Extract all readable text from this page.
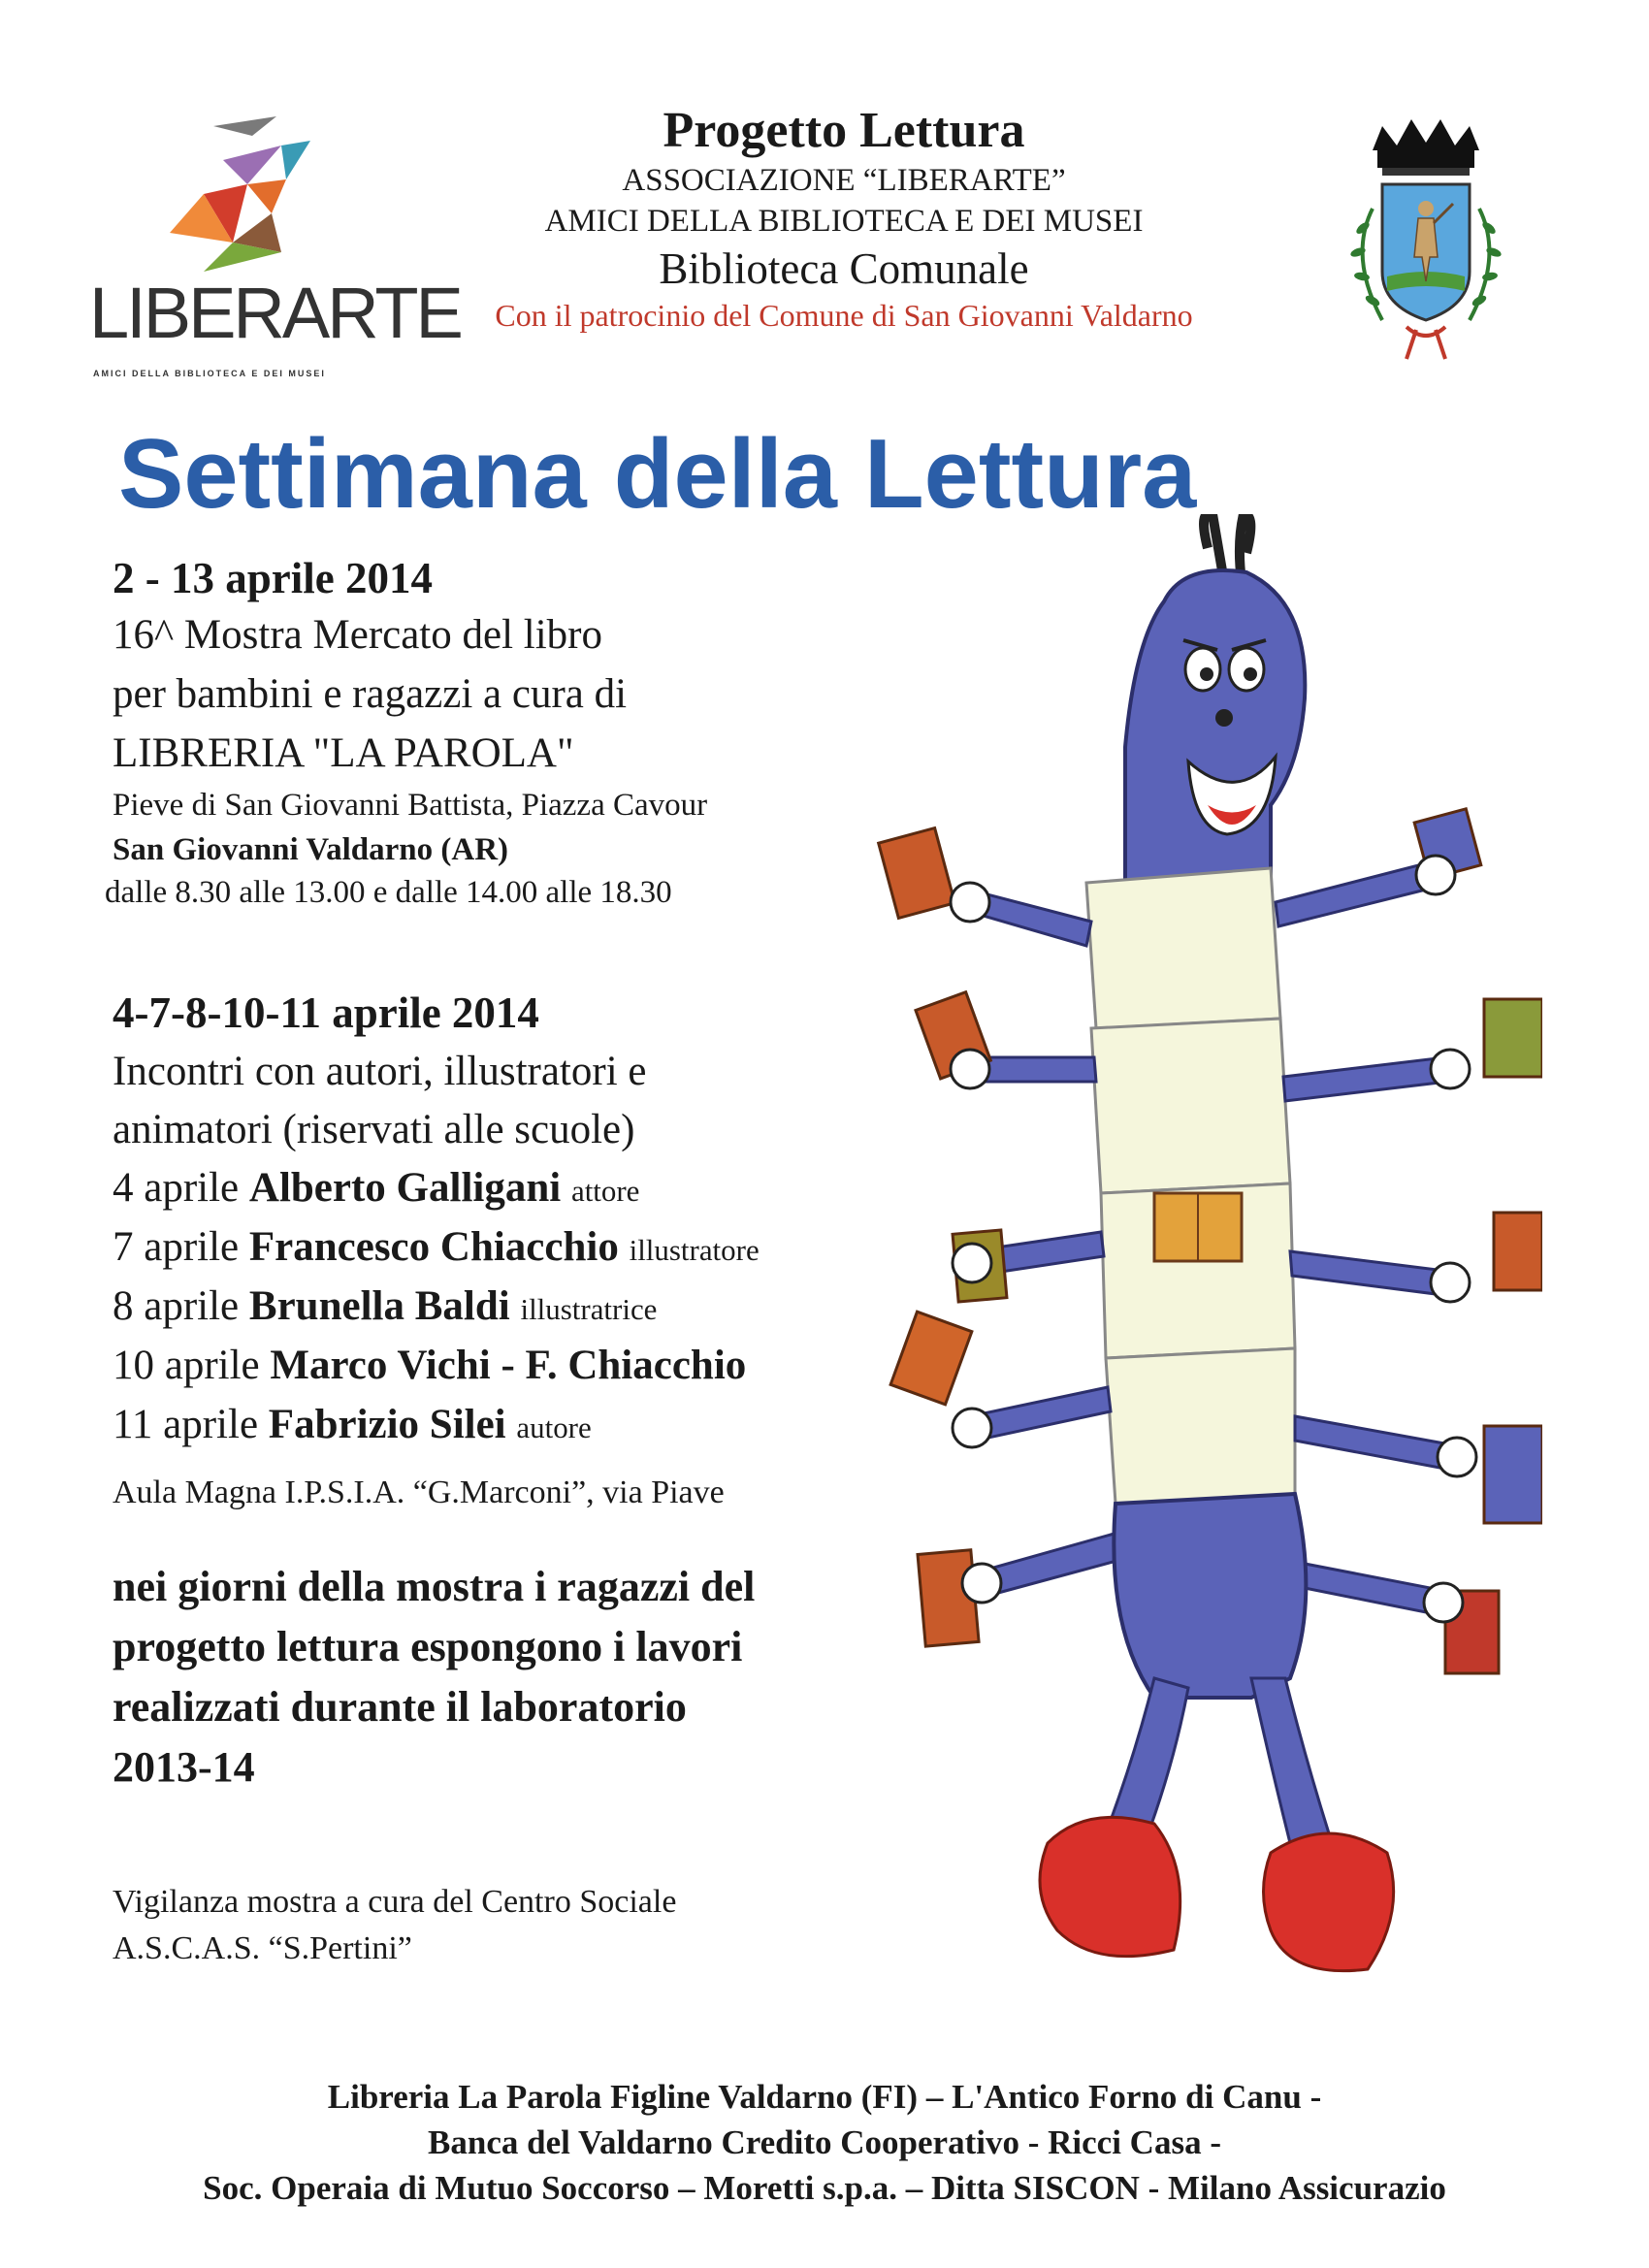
LIBERARTE
AMICI DELLA BIBLIOTECA E DEI MUSEI
Progetto Lettura
ASSOCIAZIONE “LIBERARTE”
AMICI DELLA BIBLIOTECA E DEI MUSEI
Biblioteca Comunale
Con il patrocinio del Comune di San Giovanni Valdarno
Settimana della Lettura
2 - 13 aprile 2014
16^ Mostra Mercato del libro
per bambini e ragazzi a cura di
LIBRERIA "LA PAROLA"
Pieve di San Giovanni Battista, Piazza Cavour
San Giovanni Valdarno (AR)
dalle 8.30 alle 13.00 e dalle 14.00 alle 18.30
4-7-8-10-11 aprile 2014
Incontri con autori, illustratori e
animatori (riservati alle scuole)
4 aprile Alberto Galligani attore
7 aprile Francesco Chiacchio illustratore
8 aprile Brunella Baldi illustratrice
10 aprile Marco Vichi - F. Chiacchio
11 aprile Fabrizio Silei autore
Aula Magna I.P.S.I.A. “G.Marconi”, via Piave
nei giorni della mostra i ragazzi del
progetto lettura espongono i lavori
realizzati durante il laboratorio
2013-14
Vigilanza mostra a cura del Centro Sociale
A.S.C.A.S. “S.Pertini”
Libreria La Parola Figline Valdarno (FI) – L'Antico Forno di Canu -
Banca del Valdarno Credito Cooperativo - Ricci Casa -
Soc. Operaia di Mutuo Soccorso – Moretti s.p.a. – Ditta SISCON - Milano Assicurazio
